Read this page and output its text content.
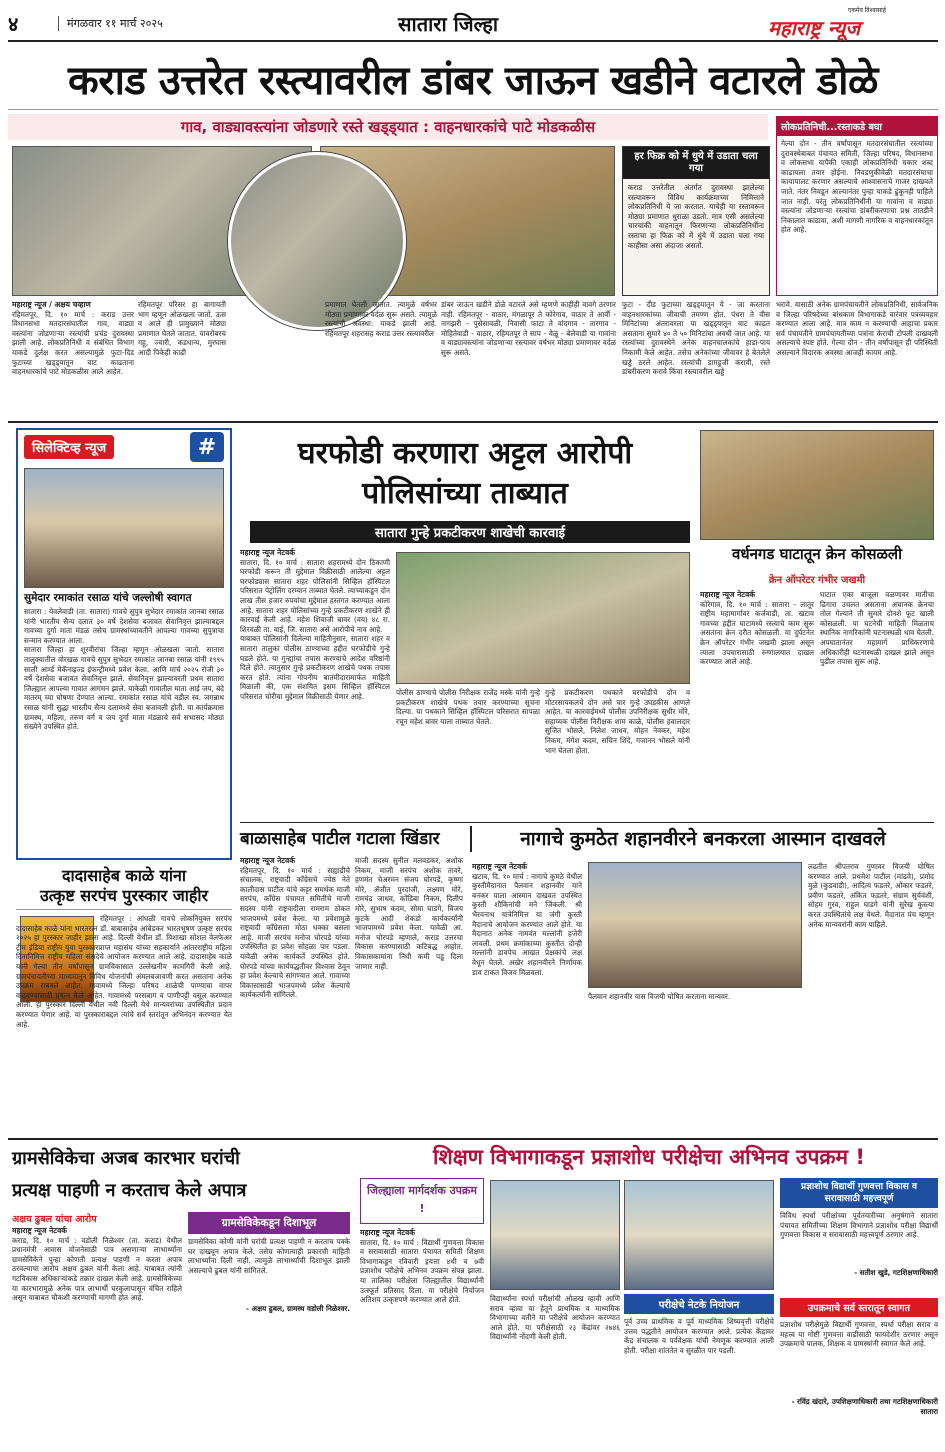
४	मंगळवार ११ मार्च २०२५	सातारा जिल्हा
एकमेव विश्वासार्ह
महाराष्ट्र न्यूज
कराड उत्तरेत रस्त्यावरील डांबर जाऊन खडीने वटारले डोळे
गाव, वाड्यावस्त्यांना जोडणारे रस्ते खड्ड्यात : वाहनधारकांचे पाटे मोडकळीस
हर फिक्र को में धुये में उडाता चला गया
कराड उत्तरेतील अंतर्गत दुरावस्था झालेल्या रस्त्यावरून विविध कार्यक्रमाच्या निमित्ताने लोकप्रतिनिधी ये जा करतात. याचेही या रस्तावरून मोठ्या प्रमाणात धुराळा उडतो. मात्र एसी असलेल्या चारचाकी वाहनातून फिरणाऱ्या लोकप्रतिनिधींना रस्ताचा हा फिक्र को में धुंये में उडाता चला गया काहीसा असा अंदाजा असतो.
लोकप्रतिनिधी...रस्ताकडे बघा
गेल्या दोन - तीन वर्षांपासून मतदारसंघातील रस्त्यांच्या दुरावस्थेबाबत पंचायत समिती, जिल्हा परिषद, विधानसभा व लोकसभा यापैकी एकाही लोकप्रतिनिधी चकार शब्द काढायला तयार होईना. निवडणुकीवेळी मतदारसंघाचा कायापालट करणार असल्याचे आश्वासनाचे गाजर दाखवले जाते. नंतर निवडून आल्यानंतर पुन्हा याकडे ढुंकूनही पाहिले जात नाही. परंतु लोकप्रतिनिधींनी या गावांना व वाड्या वस्त्यांना जोडणाऱ्या रस्त्यांचा डांबरीकरणाचा प्रश्न तातडीने निकालात काढावा, अशी मागणी नागरिक व वाहनधारकांतून होत आहे.
महाराष्ट्र न्यूज / अक्षय चव्हाण
रहिमतपूर, दि. १० मार्च : कराड उत्तर विधानसभा मतदारसंघातील गाव, वाड्या वस्त्यांना जोडणाऱ्या रस्त्यांची प्रचंड दुरावस्था झाली आहे. लोकप्रतिनिधी व संबंधित विभाग याकडे दुर्लक्ष करत असल्यामुळे फुटा-दिड फुटाच्या खड्ड्यातून वाट काढताना वाहनधारकांचे पाटे मोडकळीस आले आहेत.
रहिमतपूर परिसर हा बागायती भाग म्हणून ओळखला जातो. ऊस व आले ही प्रामुख्याने मोठ्या प्रमाणात घेतले जातात. यावरोबरच गहू, ज्वारी, कडधान्य, मुरघास आदी पिकेही काढी
प्रमाणात घेतली जातात. त्यामुळे वर्षभर मोठ्या प्रमाणावर वर्दळ सुरू असते. त्यामुळे रस्त्यांची अवस्था: याकडे झाली आहे. रहिमतपूर शहरासह कराड उत्तर रस्त्यावरील
डांबर जाऊन खडीने डोळे वटारले असे म्हणणे काहीही वावगे ठरणार नाही. रहिमतपूर - वाठार, मंगळापूर ते कोरेगाव, वाठार ते आर्वी - नागझरी - पुसेसावळी, निवासी फाटा ते वांदगाव - तारगाव - मोहितेवाडी - वाठार, रहिमतपूर ते साप - वेळू - बेलेवाडी या गावांना व वाड्यावस्त्यांना जोडणाऱ्या रस्त्यावर वर्षभर मोठ्या प्रमाणावर वर्दळ सुरू असते.
फुटा - दीड फुटाच्या खड्ड्यातून ये - जा करताना वाहनधारकांच्या जीवाची तमण्ण होत. पंधरा ते वीस मिनिटांच्या अंतरावरला या खड्ड्यातून वाट काढत असताना सुमारे ४० ते ५० मिनिटांचा अवधी जात आहे. या रस्त्यांच्या दुरावस्थेने अनेक वाहनचालकांचे हाडा-पाय निकामी केले आहेत. तसेच अनेकांच्या जीवावर हे बेतलेले खड्डे ठरले आहेत. रस्त्यांची डागडुजी करावी, रस्ते डांबरीकरण करावे किंवा रस्त्यावरील खड्डे
भरावे. यासाठी अनेक ग्रामपंचायतीने लोकप्रतिनिधी, सार्वजनिक व जिल्हा परिषदेच्या बांधकाम विभागाकडे वारंवार पत्रव्यवहार करण्यात आला आहे. मात्र काम न करण्याची आहाचा प्रकार सर्व पंचायतीने ग्रामपंचायतीच्या पत्रांना केराची टोपली दाखवली असल्याचे स्पष्ट होते. गेल्या दोन - तीन वर्षांपासून ही परिस्थिती असल्याने विदारक अवस्था आजही कायम आहे.
सिलेक्टिव्ह न्यूज	#
सुमेदार रमाकांत रसाळ यांचे जल्लोषी स्वागत
सातारा : येवलेवाडी (ता. सातारा) गावचे सुपुत्र सुभेदार रमाकांत जानबा रसाळ यांनी भारतीय सैन्य दलात ३० वर्षे देशसेवा बजावत सेवानिवृत्त झाल्याबद्दल गावच्या दुर्गा माता मंडळ तसेच ग्रामस्थांच्यावतीने आपल्या गावच्या सुपुत्राचा सन्मान करण्यात आला.
सातारा जिल्हा हा शूरवीरांचा जिल्हा म्हणून ओळखला जातो. सातारा तालुक्यातील वोरखळ गावचे सुपुत्र सुभेदार रमाकांत जानबा रसाळ यांनी १९९५ साली आर्म्ड मेकॅनाइज्ड इंफन्ट्रीमध्ये प्रवेश केला. आणि मार्च २०२५ रोजी ३० वर्षे देशसेवा बजावत सेवानिवृत्त झाले. सेवानिवृत्त झाल्यावरती प्रथम सातारा जिल्ह्यात आपल्या गावात आगमन झाले. याकेळी गावातील माता आई जय, बंदे मातरम् च्या घोषणा देण्यात आल्या. रमाकांत रसाळ यांचे वडील स्व. जगन्नाथ रसाळ यांनी सुद्धा भारतीय सैन्य दलामध्ये सेवा बजावली होती. या कार्यक्रमास ग्रामस्थ, महिला, तरुण वर्ग व जय दुर्गा माता मंडळाचे सर्व सभासद मोठ्या संख्येने उपस्थित होते.
दादासाहेब काळे यांना
उत्कृष्ट सरपंच पुरस्कार जाहीर
रहिमतपूर : आंधळी गावचे लोकनियुक्त सरपंच दादासाहेब काळे यांना भारतरत्न डॉ. बाबासाहेब आंबेडकर भारतभूषण उत्कृष्ट सरपंच २०२५ हा पुरस्कार जाहीर झाला आहे. दिल्ली येथील डॉ. विशाखा सोशल वेलफेअर ट्रीम इंडिया राष्ट्रीय युवा पुरस्कारप्राप्त महासंघ यांच्या सहकार्याने आंतरराष्ट्रीय महिला दिनानिमित्त राष्ट्रीय महिला संसदेचे आयोजन करण्यात आले आहे. दादासाहेब काळे यांनी गेल्या तीन वर्षांपासून ग्रामविकासात उल्लेखनीय कामगिरी केली आहे. ग्रामपंचायतीच्या माध्यमातून विविध योजनांची अंमलबजावणी करत असताना अनेक उपक्रम राबवले आहेत. गावामध्ये जिल्हा परिषद शाळेची पाण्याचा वापर वाढवण्यासाठी प्रयत्न केले आहेत. गावामध्ये परसबाग व पाणीपट्टी वसूल करण्यात आली. हा पुरस्कार दिल्ली येथील नवी दिल्ली येथे मान्यवरांच्या उपस्थितीत प्रदान करण्यात येणार आहे. या पुरस्काराबद्दल त्यांचे सर्व स्तरांतून अभिनंदन करण्यात येत आहे.
घरफोडी करणारा अट्टल आरोपी
पोलिसांच्या ताब्यात
सातारा गुन्हे प्रकटीकरण शाखेची कारवाई
महाराष्ट्र न्यूज नेटवर्क
सातारा, दि. १० मार्च : सातारा शहरामध्ये दोन ठिकाणी घरफोडी करून ती मुद्देमाल विक्रीसाठी आलेल्या अट्टल घरफोड्यास सातारा शहर पोलिसांनी सिव्हिल हॉस्पिटल परिसरात पेट्रोलिंग दरम्यान ताब्यात घेतले. त्याच्याकडून दोन लाख तीस हजार रुपयांचा मुद्देमाल हस्तगत करण्यात आला आहे. सातारा शहर पोलिसांच्या गुन्हे प्रकटीकरण शाखेने ही कारवाई केली आहे. महेश शिवाजी बावर (वय) ४८ रा. शिरवळी ता. वाई, जि. सातारा असे आरोपीचे नाव आहे.
याबाबत पोलिसांनी दिलेल्या माहितीनुसार, सातारा शहर व सातारा तालुका पोलीस ठाण्याच्या हद्दीत घरफोडीचे गुन्हे घडले होते. या गुन्ह्यांचा तपास करण्याचे आदेश वरिष्ठांनी दिले होते. त्यानुसार गुन्हे प्रकटीकरण शाखेचे पथक तपास करत होते. त्यांना गोपनीय बातमीदारामार्फत माहिती मिळाली की, एक संशयित इसम सिव्हिल हॉस्पिटल परिसरात चोरीचा मुद्देमाल विक्रीसाठी येणार आहे.	पोलीस ठाण्याचे पोलीस निरीक्षक राजेंद्र मस्के यांनी गुन्हे प्रकटीकरण शाखेचे पथक तयार करण्याच्या सूचना दिल्या. या पथकाने सिव्हिल हॉस्पिटल परिसरात सापळा रचून महेश बावर याला ताब्यात घेतले.
गुन्हे प्रकटीकरण पथकाने घरफोडीचे दोन व मोटरसायकलचे दोन असे चार गुन्हे उघडकीस आणले आहेत. या कारवाईमध्ये पोलीस उपनिरीक्षक सुधीर मोरे, सहाय्यक पोलीस निरीक्षक शाम काळे, पोलीस हवालदार सुजित भोसले, निलेश जाधव, मोहन नेवकर, महेश निकम, मंगेश कदम, सचिन शिंदे, गजानन भोसले यांनी भाग घेतला होता.
वर्धनगड घाटातून क्रेन कोसळली
क्रेन ऑपरेटर गंभीर जखमी
महाराष्ट्र न्यूज नेटवर्क
कोरेगाव, दि. १० मार्च : सातारा - लातूर राष्ट्रीय महामार्गावर कर्जवाडी, ता. खटाव गावच्या हद्दीत घाटामध्ये रस्त्याचे काम सुरू असताना क्रेन दरीत कोसळली. या दुर्घटनेत क्रेन ऑपरेटर गंभीर जखमी झाला असून त्याला उपचारासाठी रुग्णालयात दाखल करण्यात आले आहे.
घाटात एका बाजूला वळणावर मातीचा ढिगारा उचलत असताना अचानक क्रेनचा तोल गेल्याने ती सुमारे दोनशे फूट खाली कोसळली. या घटनेची माहिती मिळताच स्थानिक नागरिकांनी घटनास्थळी धाव घेतली. अपघातानंतर महामार्ग प्राधिकरणाचे अधिकारीही घटनास्थळी दाखल झाले असून पुढील तपास सुरू आहे.
बाळासाहेब पाटील गटाला खिंडार
महाराष्ट्र न्यूज नेटवर्क
रहिमतपूर, दि. १० मार्च : सह्याद्रीचे संचालक, राष्ट्रवादी काँग्रेसचे ज्येष्ठ नेते कालीदास पाटील यांचे कट्टर समर्थक माजी सरपंच, काँग्रेस पंचायत समितीचे माजी सदस्य यांनी राष्ट्रवादीला रामराम ठोकत भाजपमध्ये प्रवेश केला. या प्रवेशामुळे राष्ट्रवादी काँग्रेसला मोठा धक्का बसला आहे. माजी सरपंच मनोज घोरपडे यांच्या उपस्थितीत हा प्रवेश सोहळा पार पडला. यावेळी अनेक कार्यकर्ते उपस्थित होते. घोरपडे यांच्या कार्यपद्धतीवर विश्वास ठेवून हा प्रवेश केल्याचे सांगण्यात आले. गावाच्या विकासासाठी भाजपमध्ये प्रवेश केल्याचे कार्यकर्त्यांनी सांगितले.
माजी सदस्य सुनील मलवडकर, अशोक निकम, माजी सरपंच अशोक तावरे, हणमंत चेअरमन संजय घोरपडे, कृष्णा मोरे, ॲजीत पुरदाजी, लक्ष्मण मोरे, रामचंद्र जाधव, कोंडिबा निकम, दिलीप मोरे, सुभाष कदम, सोमा घाडगे, विजय कुटके आदी शेकडो कार्यकर्त्यांनी भाजपामध्ये प्रवेश केला. यावेळी आ. मनोज घोरपडे म्हणाले, कराड उत्तरचा विकास करण्यासाठी कटिबद्ध आहोत. विकासकामांना निधी कमी पडू दिला जाणार नाही.
नागाचे कुमठेत शहानवीरने बनकरला आस्मान दाखवले
महाराष्ट्र न्यूज नेटवर्क
खटाव, दि. १० मार्च : नागाचे कुमठे येथील कुस्तीमैदानात पैलवान शहानवीर याने बनकर याला आस्मान दाखवत उपस्थित कुस्ती शौकिनांची मने जिंकली. श्री भैरवनाथ यात्रेनिमित्त या जंगी कुस्ती मैदानाचे आयोजन करण्यात आले होते. या मैदानात अनेक नामवंत मल्लांनी हजेरी लावली. प्रथम क्रमांकाच्या कुस्तीत दोन्ही मल्लांनी डावपेच आखत प्रेक्षकांचे लक्ष वेधून घेतले. अखेर शहानवीरने निर्णायक डाव टाकत विजय मिळवला.
पैलवान शहानवीर यास विजयी घोषित करताना मान्यवर.
लढतीत श्रीपतराव गुणावर विजयी घोषित करण्यात आले. प्रथमेश पाटील (मांढवे), प्रमोद मुळे (कुडवाडी), आदित्य फडतरे, ओंकार फडतरे, प्रवीण फडतरे, अंकित फडतरे, संग्राम सुर्यवंशी, सोहम गुरव, राहुल घाडगे यांनी सुरेख कुस्त्या करत उपस्थितांचे लक्ष वेधले. मैदानात पंच म्हणून अनेक मान्यवरांनी काम पाहिले.
ग्रामसेविकेचा अजब कारभार घरांची
प्रत्यक्ष पाहणी न करताच केले अपात्र
अक्षय ढुबल यांचा आरोप
महाराष्ट्र न्यूज नेटवर्क
कराड, दि. १० मार्च : वडोली निळेश्वर (ता. कराड) येथील प्रधानमंत्री आवास योजनेसाठी पात्र असणाऱ्या लाभार्थ्यांना ग्रामसेविकेने पुन्हा कोणती प्रत्यक्ष पाहणी न करता अपात्र ठरवल्याचा आरोप अक्षय ढुबल यांनी केला आहे. याबाबत त्यांनी गटविकास अधिकाऱ्यांकडे तक्रार दाखल केली आहे. ग्रामसेविकेच्या या कारभारामुळे अनेक पात्र लाभार्थी घरकुलापासून वंचित राहिले असून याबाबत चौकशी करण्याची मागणी होत आहे.
ग्रामसेविकेकडून दिशाभूल
ग्रामसेविका कोणी यांनी घरांची प्रत्यक्ष पाहणी न करताच पक्के घर दाखवून अपात्र केले. तसेच कोणत्याही प्रकारची माहिती लाभार्थ्यांना दिली नाही. त्यामुळे लाभार्थ्यांची दिशाभूल झाली असल्याचे ढुबल यांनी सांगितले.
- अक्षय ढुबल, ग्रामस्थ वडोली निळेश्वर.
शिक्षण विभागाकडून प्रज्ञाशोध परीक्षेचा अभिनव उपक्रम !
जिल्ह्याला मार्गदर्शक उपक्रम !
महाराष्ट्र न्यूज नेटवर्क
सातारा, दि. १० मार्च : विद्यार्थी गुणवत्ता विकास व सरावासाठी सातारा पंचायत समिती शिक्षण विभागाकडून रविवारी इयत्ता ४थी व ७वी प्रज्ञाशोध परीक्षेचे अभिनव उपक्रम संपन्न झाला. या तालिका परीक्षेला जिल्ह्यातील विद्यार्थ्यांनी उत्स्फूर्त प्रतिसाद दिला. या परीक्षेचे नियोजन अतिशय उत्कृष्टपणे करण्यात आले होते.	विद्यार्थ्यांना स्पर्धा परीक्षांची ओळख व्हावी आणि सराव व्हावा या हेतूने प्राथमिक व माध्यमिक विभागाच्या वतीने या परीक्षेचे आयोजन करण्यात आले होते. या परीक्षेसाठी २३ केंद्रांवर २७४६ विद्यार्थ्यांनी नोंदणी केली होती.
परीक्षेचे नेटके नियोजन
पूर्व उच्च प्राथमिक व पूर्व माध्यमिक शिष्यवृत्ती परीक्षेचे उत्तम पद्धतीने आयोजन करण्यात आले. प्रत्येक केंद्रावर केंद्र संचालक व पर्यवेक्षक यांची नेमणूक करण्यात आली होती. परीक्षा शांततेत व सुरळीत पार पडली.
प्रज्ञाशोध विद्यार्थी गुणवत्ता विकास व सरावासाठी महत्त्वपूर्ण
विविध स्पर्धा परीक्षांच्या पूर्वतयारीच्या अनुषंगाने सातारा पंचायत समितीच्या शिक्षण विभागाने प्रज्ञाशोध परीक्षा विद्यार्थी गुणवत्ता विकास व सरावासाठी महत्त्वपूर्ण ठरणार आहे.
- सतीश खुडे, गटशिक्षणाधिकारी
उपक्रमाचे सर्व स्तरातून स्वागत
प्रज्ञाशोध परीक्षेमुळे विद्यार्थी गुणवत्ता, स्पर्धा परीक्षा सराव व महत्त्व या गोष्टी गुणवत्ता वाढीसाठी फायदेशीर ठरणार असून उपक्रमाचे पालक, शिक्षक व ग्रामस्थांनी स्वागत केले आहे.
- रविंद्र खंदारे, उपशिक्षणाधिकारी तथा गटशिक्षणाधिकारी सातारा
